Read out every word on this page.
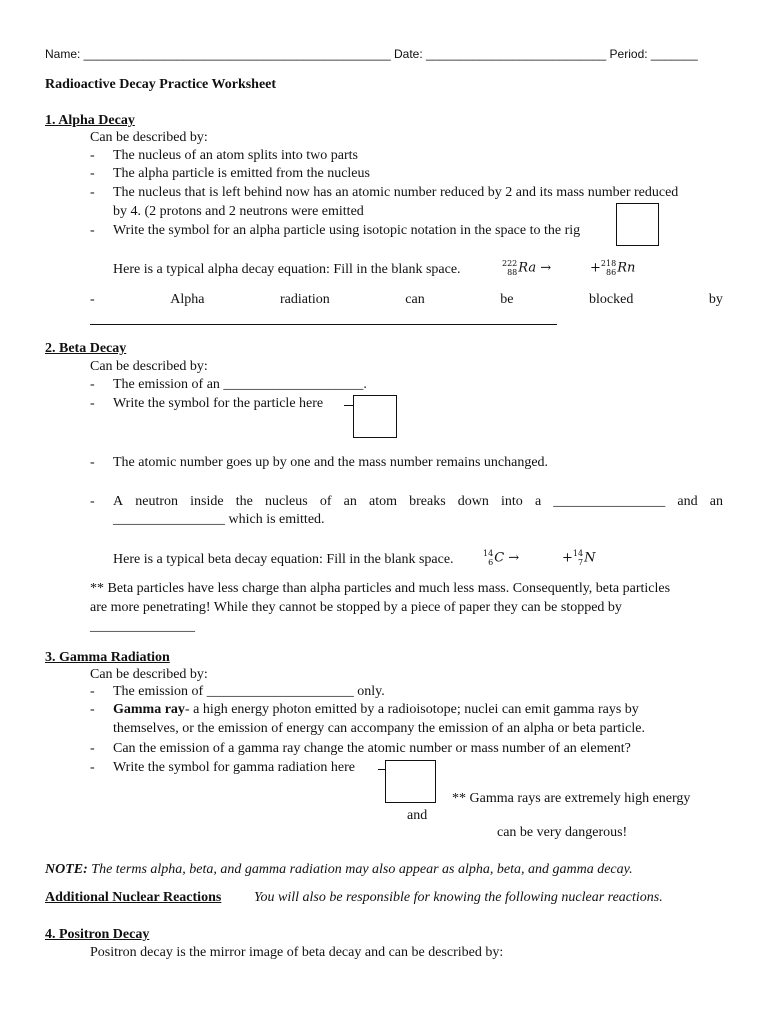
Name: ______________________________________________ Date: ___________________________ Period: _______
Radioactive Decay Practice Worksheet
1. Alpha Decay
Can be described by:
- The nucleus of an atom splits into two parts
- The alpha particle is emitted from the nucleus
- The nucleus that is left behind now has an atomic number reduced by 2 and its mass number reduced
by 4. (2 protons and 2 neutrons were emitted
- Write the symbol for an alpha particle using isotopic notation in the space to the rig
Here is a typical alpha decay equation: Fill in the blank space.	222
88 Ra →	+ 218
86 Rn
-	Alpha	radiation	can	be	blocked	by
2. Beta Decay
Can be described by:
- The emission of an ____________________.
- Write the symbol for the particle here
- The atomic number goes up by one and the mass number remains unchanged.
- A neutron inside the nucleus of an atom breaks down into a ________________ and an
________________ which is emitted.
Here is a typical beta decay equation: Fill in the blank space.	14
6 C →	+ 14
7 N
** Beta particles have less charge than alpha particles and much less mass. Consequently, beta particles
are more penetrating! While they cannot be stopped by a piece of paper they can be stopped by
_______________
3. Gamma Radiation
Can be described by:
- The emission of _____________________ only.
- Gamma ray- a high energy photon emitted by a radioisotope; nuclei can emit gamma rays by
themselves, or the emission of energy can accompany the emission of an alpha or beta particle.
- Can the emission of a gamma ray change the atomic number or mass number of an element?
- Write the symbol for gamma radiation here
** Gamma rays are extremely high energy
and
can be very dangerous!
NOTE: The terms alpha, beta, and gamma radiation may also appear as alpha, beta, and gamma decay.
Additional Nuclear Reactions You will also be responsible for knowing the following nuclear reactions.
4. Positron Decay
Positron decay is the mirror image of beta decay and can be described by:
